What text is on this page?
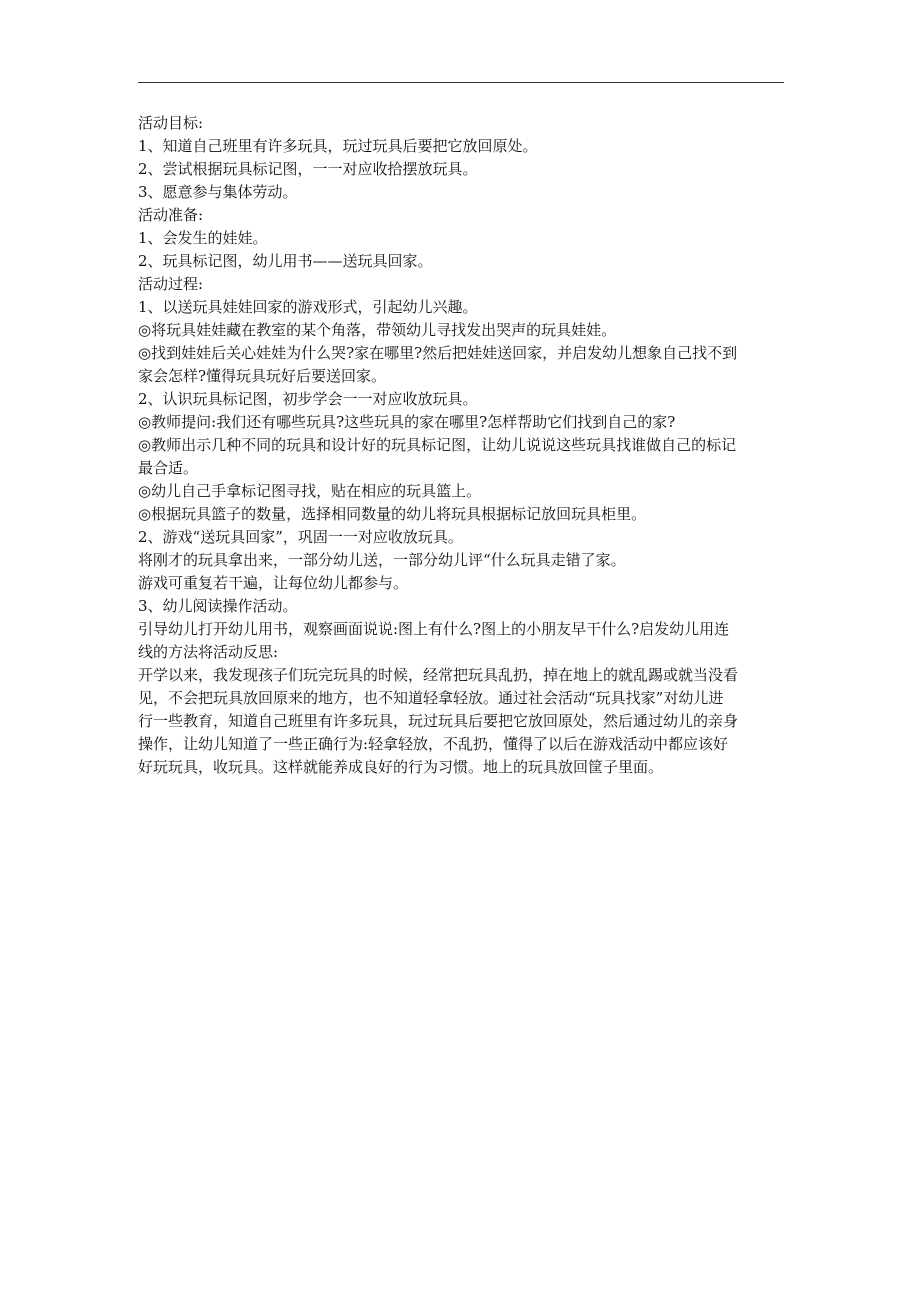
活动目标:
1、知道自己班里有许多玩具，玩过玩具后要把它放回原处。
2、尝试根据玩具标记图，一一对应收拾摆放玩具。
3、愿意参与集体劳动。
活动准备:
1、会发生的娃娃。
2、玩具标记图，幼儿用书——送玩具回家。
活动过程:
1、以送玩具娃娃回家的游戏形式，引起幼儿兴趣。
◎将玩具娃娃藏在教室的某个角落，带领幼儿寻找发出哭声的玩具娃娃。
◎找到娃娃后关心娃娃为什么哭?家在哪里?然后把娃娃送回家，并启发幼儿想象自己找不到
家会怎样?懂得玩具玩好后要送回家。
2、认识玩具标记图，初步学会一一对应收放玩具。
◎教师提问:我们还有哪些玩具?这些玩具的家在哪里?怎样帮助它们找到自己的家?
◎教师出示几种不同的玩具和设计好的玩具标记图，让幼儿说说这些玩具找谁做自己的标记
最合适。
◎幼儿自己手拿标记图寻找，贴在相应的玩具篮上。
◎根据玩具篮子的数量，选择相同数量的幼儿将玩具根据标记放回玩具柜里。
2、游戏“送玩具回家”，巩固一一对应收放玩具。
将刚才的玩具拿出来，一部分幼儿送，一部分幼儿评“什么玩具走错了家。
游戏可重复若干遍，让每位幼儿都参与。
3、幼儿阅读操作活动。
引导幼儿打开幼儿用书，观察画面说说:图上有什么?图上的小朋友早干什么?启发幼儿用连
线的方法将活动反思:
开学以来，我发现孩子们玩完玩具的时候，经常把玩具乱扔，掉在地上的就乱踢或就当没看
见，不会把玩具放回原来的地方，也不知道轻拿轻放。通过社会活动“玩具找家”对幼儿进
行一些教育，知道自己班里有许多玩具，玩过玩具后要把它放回原处，然后通过幼儿的亲身
操作，让幼儿知道了一些正确行为:轻拿轻放，不乱扔，懂得了以后在游戏活动中都应该好
好玩玩具，收玩具。这样就能养成良好的行为习惯。地上的玩具放回筐子里面。
